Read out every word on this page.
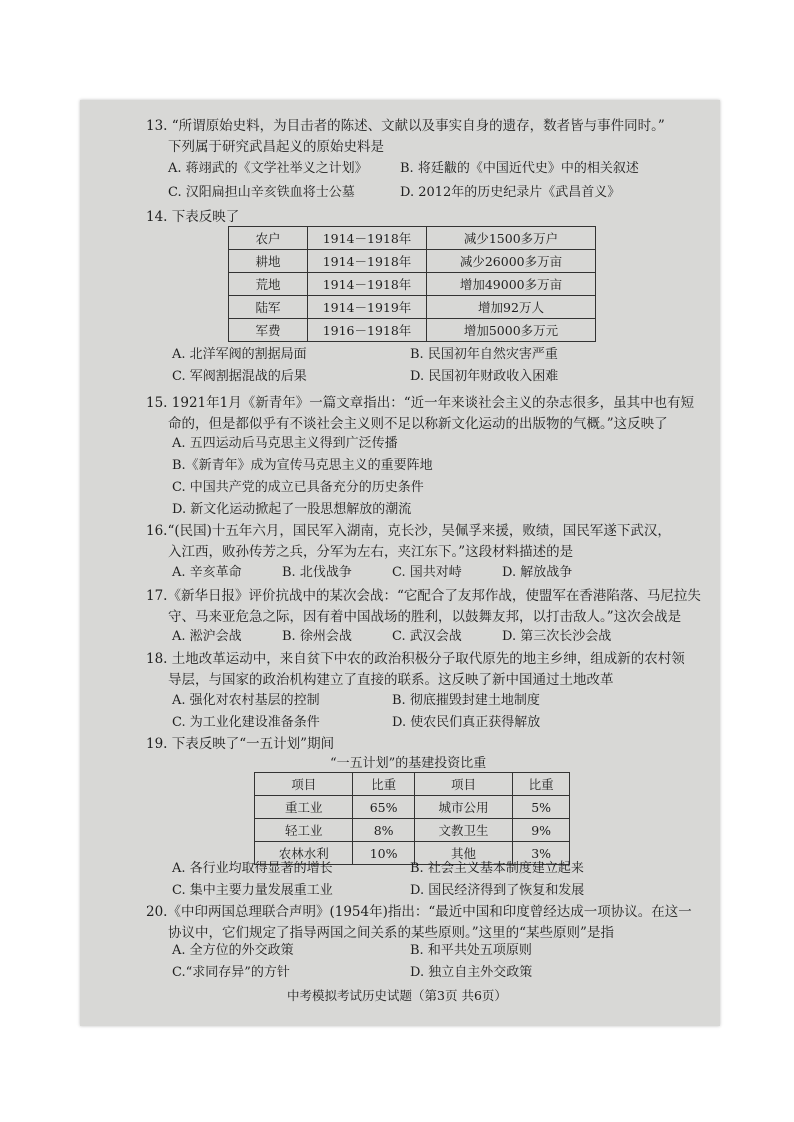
13. “所谓原始史料，为目击者的陈述、文献以及事实自身的遗存，数者皆与事件同时。”
下列属于研究武昌起义的原始史料是
A. 蒋翊武的《文学社举义之计划》 B. 将廷黻的《中国近代史》中的相关叙述
C. 汉阳扁担山辛亥铁血将士公墓	D. 2012年的历史纪录片《武昌首义》
14. 下表反映了
农户	1914－1918年	减少1500多万户
耕地	1914－1918年	减少26000多万亩
荒地	1914－1918年	增加49000多万亩
陆军	1914－1919年	增加92万人
军费	1916－1918年	增加5000多万元
A. 北洋军阀的割据局面	B. 民国初年自然灾害严重
C. 军阀割据混战的后果	D. 民国初年财政收入困难
15. 1921年1月《新青年》一篇文章指出：“近一年来谈社会主义的杂志很多，虽其中也有短
命的，但是都似乎有不谈社会主义则不足以称新文化运动的出版物的气概。”这反映了
A. 五四运动后马克思主义得到广泛传播
B.《新青年》成为宣传马克思主义的重要阵地
C. 中国共产党的成立已具备充分的历史条件
D. 新文化运动掀起了一股思想解放的潮流
16.“(民国)十五年六月，国民军入湖南，克长沙，吴佩孚来援，败绩，国民军遂下武汉，
入江西，败孙传芳之兵，分军为左右，夹江东下。”这段材料描述的是
A. 辛亥革命	B. 北伐战争	C. 国共对峙	D. 解放战争
17.《新华日报》评价抗战中的某次会战：“它配合了友邦作战，使盟军在香港陷落、马尼拉失
守、马来亚危急之际，因有着中国战场的胜利，以鼓舞友邦，以打击敌人。”这次会战是
A. 淞沪会战	B. 徐州会战	C. 武汉会战	D. 第三次长沙会战
18. 土地改革运动中，来自贫下中农的政治积极分子取代原先的地主乡绅，组成新的农村领
导层，与国家的政治机构建立了直接的联系。这反映了新中国通过土地改革
A. 强化对农村基层的控制	B. 彻底摧毁封建土地制度
C. 为工业化建设准备条件	D. 使农民们真正获得解放
19. 下表反映了“一五计划”期间
“一五计划”的基建投资比重
项目	比重	项目	比重
重工业	65%	城市公用	5%
轻工业	8%	文教卫生	9%
农林水利	10%	其他	3%
A. 各行业均取得显著的增长	B. 社会主义基本制度建立起来
C. 集中主要力量发展重工业	D. 国民经济得到了恢复和发展
20.《中印两国总理联合声明》(1954年)指出：“最近中国和印度曾经达成一项协议。在这一
协议中，它们规定了指导两国之间关系的某些原则。”这里的“某些原则”是指
A. 全方位的外交政策	B. 和平共处五项原则
C.“求同存异”的方针	D. 独立自主外交政策
中考模拟考试历史试题（第3页 共6页）
